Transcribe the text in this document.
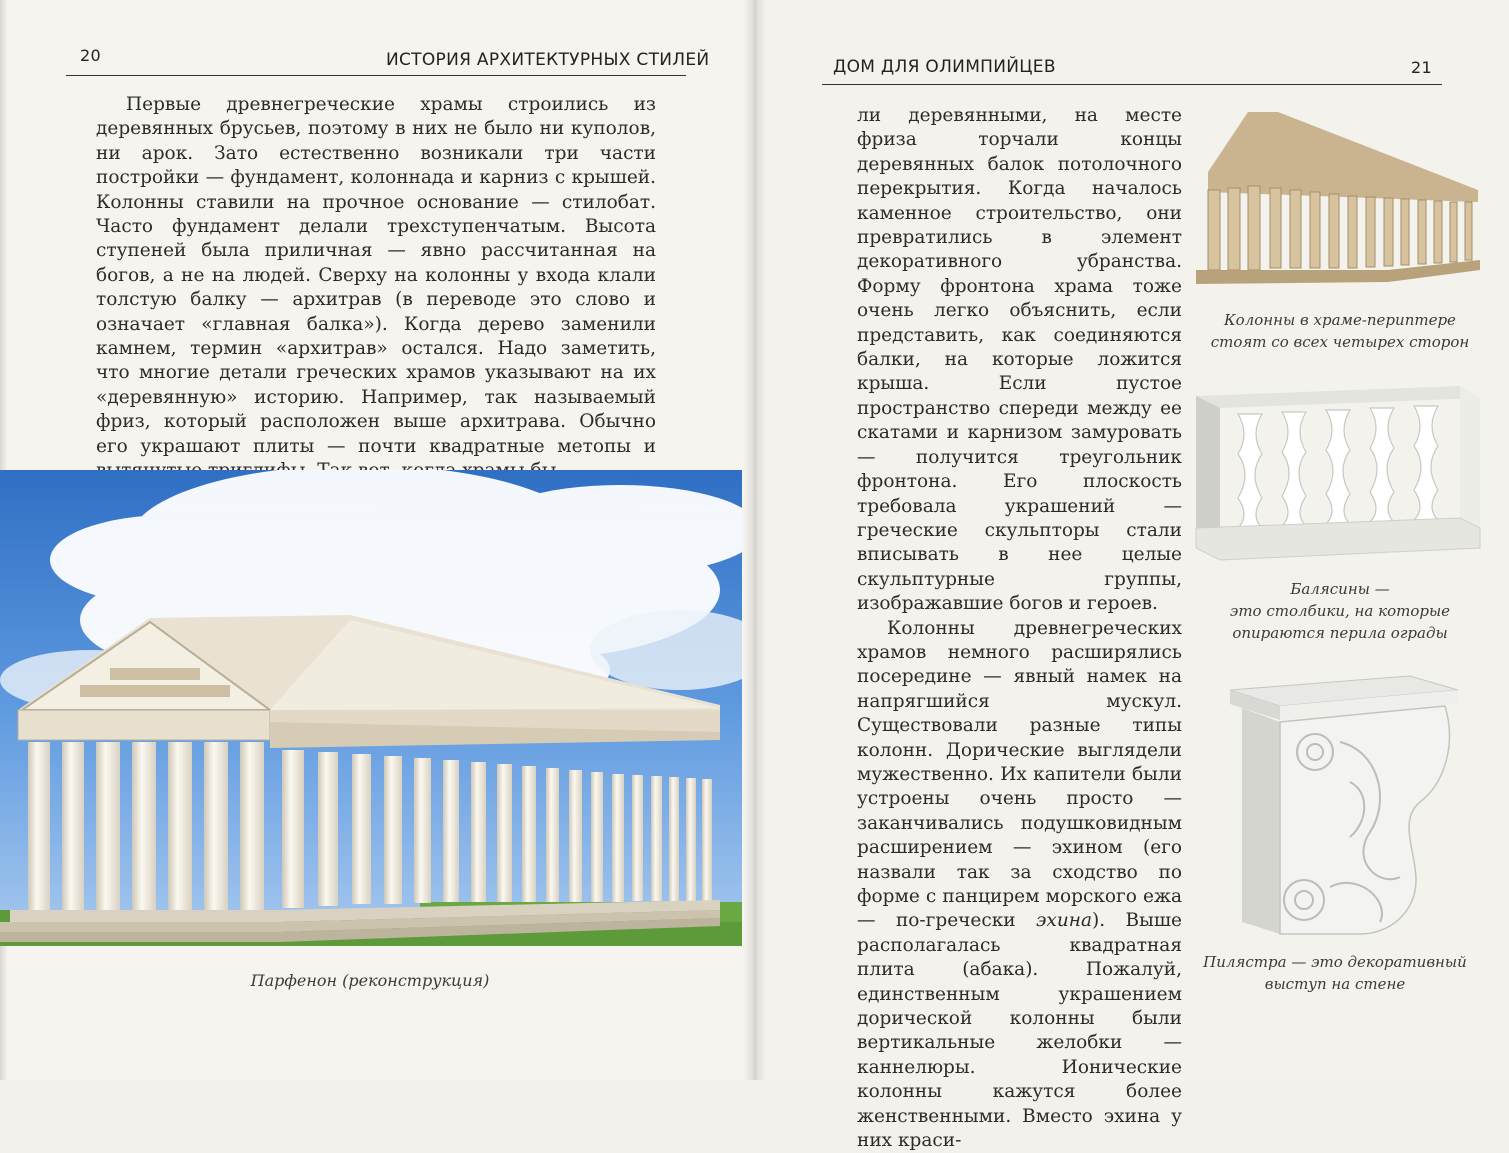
20	ИСТОРИЯ АРХИТЕКТУРНЫХ СТИЛЕЙ	ДОМ ДЛЯ ОЛИМПИЙЦЕВ	21

Первые древнегреческие храмы строились из деревянных брусьев, поэтому в них не было ни куполов, ни арок. Зато естественно возникали три части постройки — фундамент, колоннада и карниз с крышей. Колонны ставили на прочное основание — стилобат. Часто фундамент делали трехступенчатым. Высота ступеней была приличная — явно рассчитанная на богов, а не на людей. Сверху на колонны у входа клали толстую балку — архитрав (в переводе это слово и означает «главная балка»). Когда дерево заменили камнем, термин «архитрав» остался. Надо заметить, что многие детали греческих храмов указывают на их «деревянную» историю. Например, так называемый фриз, который расположен выше архитрава. Обычно его украшают плиты — почти квадратные метопы и

Парфенон (реконструкция)

ли деревянными, на месте фриза торчали концы деревянных балок потолочного перекрытия. Когда началось каменное строительство, они превратились в элемент декоративного убранства. Форму фронтона храма тоже очень легко объяснить, если представить, как соединяются балки, на которые ложится крыша. Если пустое пространство спереди между ее скатами и карнизом замуровать — получится треугольник фронтона. Его плоскость требовала украшений — греческие скульпторы стали вписывать в нее целые скульптурные группы, изображавшие богов и героев.

Колонны древнегреческих храмов немного расширялись посередине — явный намек на напрягшийся мускул. Существовали разные типы колонн. Дорические выглядели мужественно. Их капители были устроены очень просто — заканчивались подушковидным расширением — эхином (его назвали так за сходство по форме с панцирем морского ежа — по-гречески эхина). Выше располагалась квадратная плита (абака). Пожалуй, единственным украшением дорической колонны были вертикальные желобки — каннелюры. Ионические колонны кажутся более женственными. Вместо эхина у них краси-

Колонны в храме-периптере
стоят со всех четырех сторон
Балясины —
это столбики, на которые
опираются перила ограды
Пилястра — это декоративный
выступ на стене
